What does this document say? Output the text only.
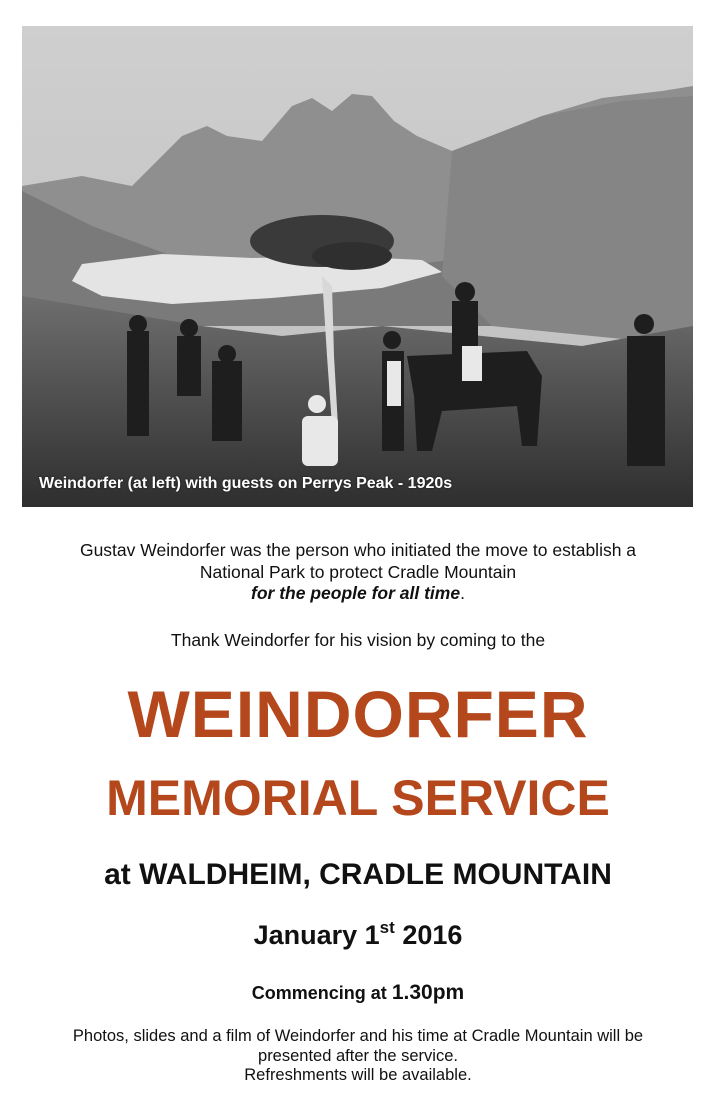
Weindorfer (at left) with guests on Perrys Peak - 1920s
Gustav Weindorfer was the person who initiated the move to establish a
National Park to protect Cradle Mountain
for the people for all time.
Thank Weindorfer for his vision by coming to the
WEINDORFER
MEMORIAL SERVICE
at WALDHEIM, CRADLE MOUNTAIN
January 1st 2016
Commencing at 1.30pm
Photos, slides and a film of Weindorfer and his time at Cradle Mountain will be
presented after the service.
Refreshments will be available.
